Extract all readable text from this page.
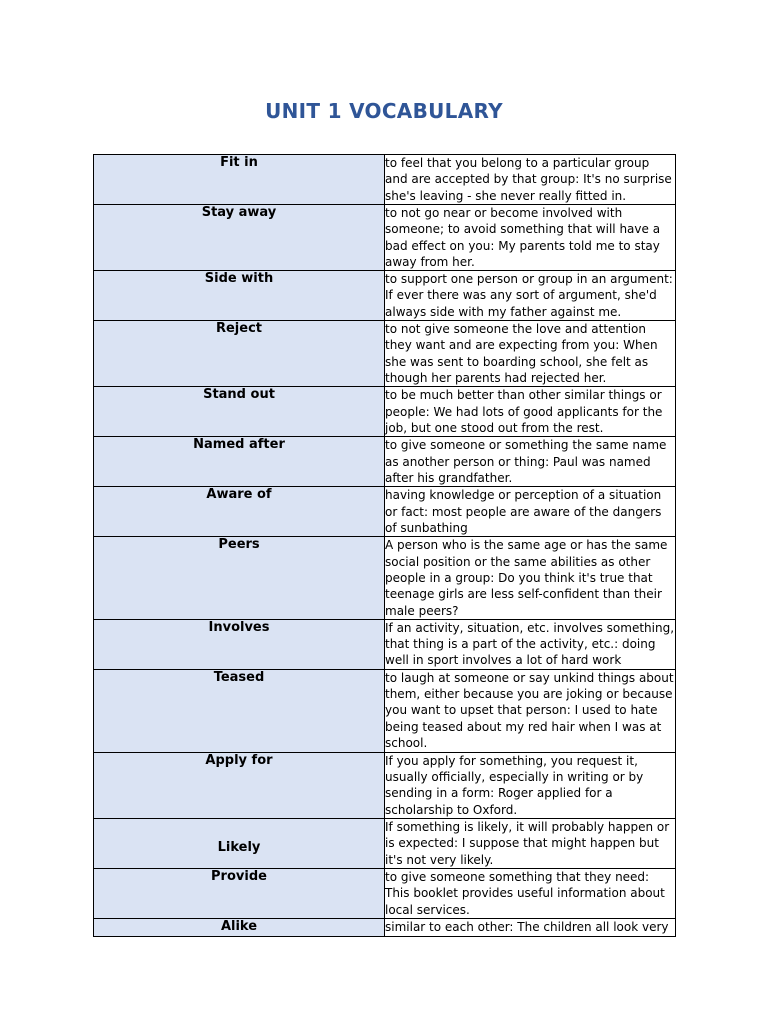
UNIT 1 VOCABULARY
Fit in	to feel that you belong to a particular group and are accepted by that group: It's no surprise she's leaving - she never really fitted in.
Stay away	to not go near or become involved with someone; to avoid something that will have a bad effect on you: My parents told me to stay away from her.
Side with	to support one person or group in an argument: If ever there was any sort of argument, she'd always side with my father against me.
Reject	to not give someone the love and attention they want and are expecting from you: When she was sent to boarding school, she felt as though her parents had rejected her.
Stand out	to be much better than other similar things or people: We had lots of good applicants for the job, but one stood out from the rest.
Named after	to give someone or something the same name as another person or thing: Paul was named after his grandfather.
Aware of	having knowledge or perception of a situation or fact: most people are aware of the dangers of sunbathing
Peers	A person who is the same age or has the same social position or the same abilities as other people in a group: Do you think it's true that teenage girls are less self-confident than their male peers?
Involves	If an activity, situation, etc. involves something, that thing is a part of the activity, etc.: doing well in sport involves a lot of hard work
Teased	to laugh at someone or say unkind things about them, either because you are joking or because you want to upset that person: I used to hate being teased about my red hair when I was at school.
Apply for	If you apply for something, you request it, usually officially, especially in writing or by sending in a form: Roger applied for a scholarship to Oxford.
Likely	If something is likely, it will probably happen or is expected: I suppose that might happen but it's not very likely.
Provide	to give someone something that they need: This booklet provides useful information about local services.
Alike	similar to each other: The children all look very
